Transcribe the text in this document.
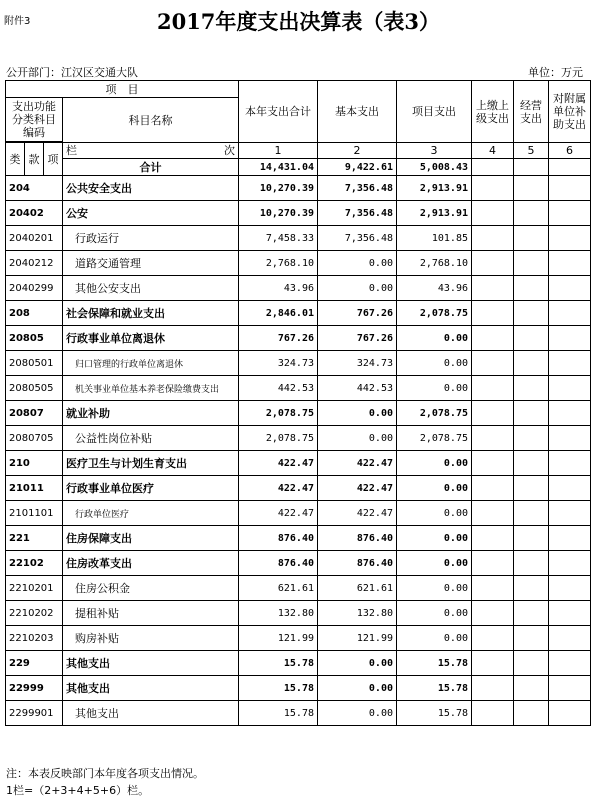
附件3	2017年度支出决算表（表3）
公开部门：江汉区交通大队	单位：万元
项　目				本年支出合计	基本支出	项目支出	上缴上级支出	经营支出	对附属单位补助支出
支出功能分类科目编码			科目名称						

类	款	项	栏 次	1	2	3	4	5	6
			合计	14,431.04	9,422.61	5,008.43			
204			公共安全支出	10,270.39	7,356.48	2,913.91			
20402			公安	10,270.39	7,356.48	2,913.91			
2040201			行政运行	7,458.33	7,356.48	101.85			
2040212			道路交通管理	2,768.10	0.00	2,768.10			
2040299			其他公安支出	43.96	0.00	43.96			
208			社会保障和就业支出	2,846.01	767.26	2,078.75			
20805			行政事业单位离退休	767.26	767.26	0.00			
2080501			归口管理的行政单位离退休	324.73	324.73	0.00			
2080505			机关事业单位基本养老保险缴费支出	442.53	442.53	0.00			
20807			就业补助	2,078.75	0.00	2,078.75			
2080705			公益性岗位补贴	2,078.75	0.00	2,078.75			
210			医疗卫生与计划生育支出	422.47	422.47	0.00			
21011			行政事业单位医疗	422.47	422.47	0.00			
2101101			行政单位医疗	422.47	422.47	0.00			
221			住房保障支出	876.40	876.40	0.00			
22102			住房改革支出	876.40	876.40	0.00			
2210201			住房公积金	621.61	621.61	0.00			
2210202			提租补贴	132.80	132.80	0.00			
2210203			购房补贴	121.99	121.99	0.00			
229			其他支出	15.78	0.00	15.78			
22999			其他支出	15.78	0.00	15.78			
2299901			其他支出	15.78	0.00	15.78			
注：本表反映部门本年度各项支出情况。
1栏=（2+3+4+5+6）栏。
